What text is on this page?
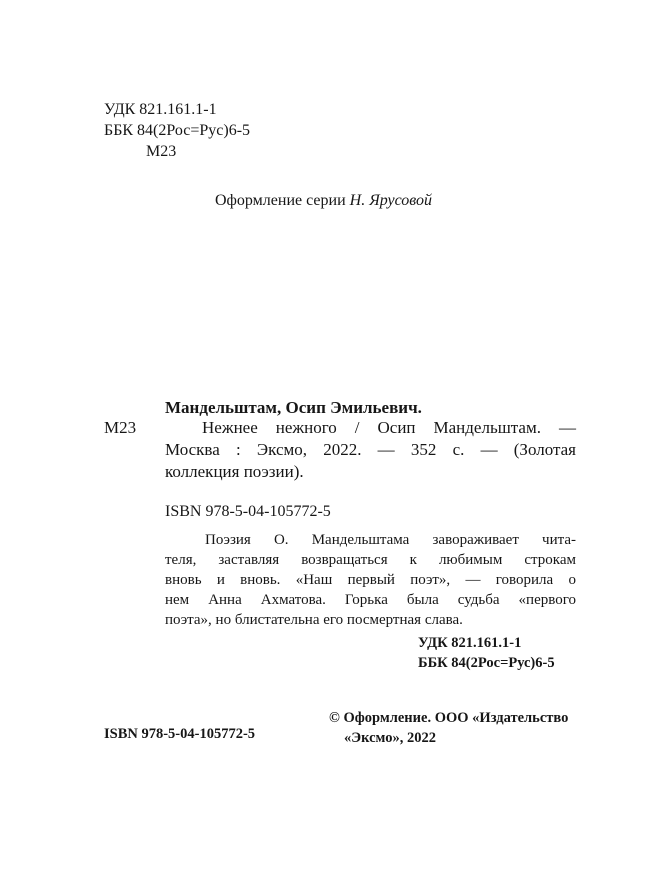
УДК 821.161.1-1
ББК 84(2Рос=Рус)6-5
М23
Оформление серии Н. Ярусовой
Мандельштам, Осип Эмильевич.
М23	Нежнее нежного / Осип Мандельштам. —
Москва : Эксмо, 2022. — 352 с. — (Золотая
коллекция поэзии).
ISBN 978-5-04-105772-5
Поэзия О. Мандельштама завораживает чита-
теля, заставляя возвращаться к любимым строкам
вновь и вновь. «Наш первый поэт», — говорила о
нем Анна Ахматова. Горька была судьба «первого
поэта», но блистательна его посмертная слава.
УДК 821.161.1-1
ББК 84(2Рос=Рус)6-5
ISBN 978-5-04-105772-5
© Оформление. ООО «Издательство
«Эксмо», 2022
